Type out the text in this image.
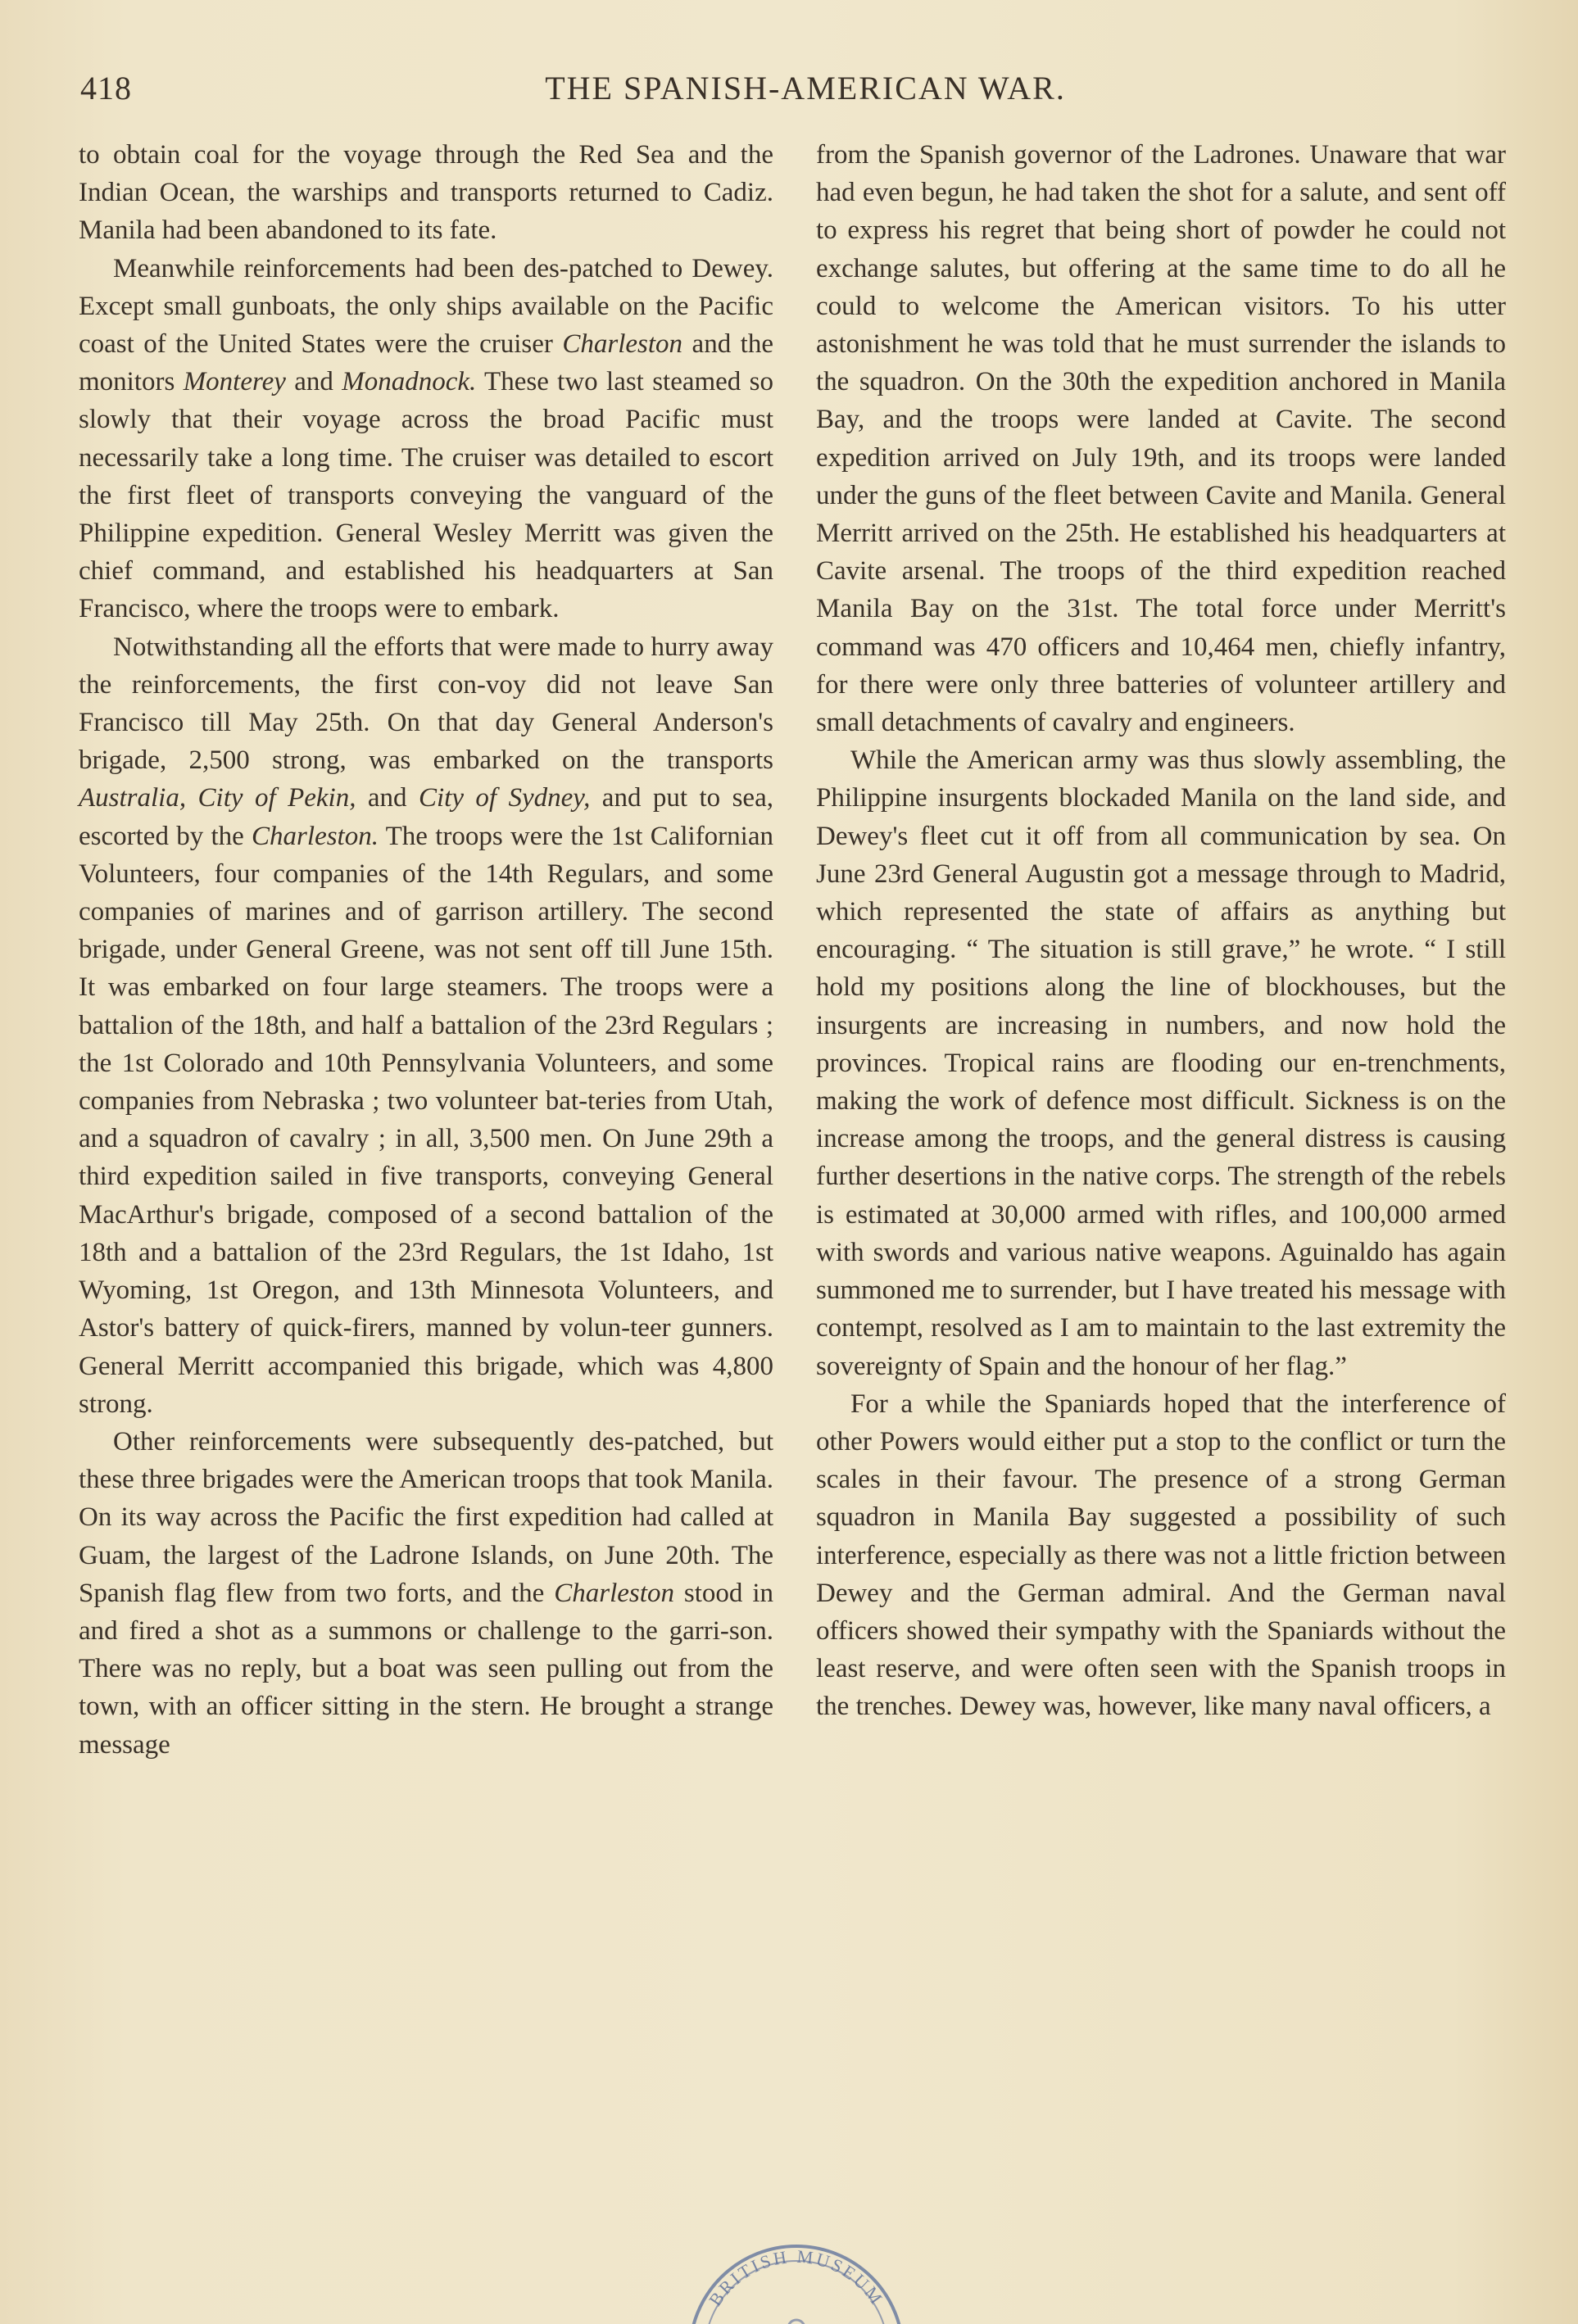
418	THE SPANISH-AMERICAN WAR.

to obtain coal for the voyage through the Red Sea and the Indian Ocean, the warships and transports returned to Cadiz. Manila had been abandoned to its fate.

Meanwhile reinforcements had been des-patched to Dewey. Except small gunboats, the only ships available on the Pacific coast of the United States were the cruiser Charleston and the monitors Monterey and Monadnock. These two last steamed so slowly that their voyage across the broad Pacific must necessarily take a long time. The cruiser was detailed to escort the first fleet of transports conveying the vanguard of the Philippine expedition. General Wesley Merritt was given the chief command, and established his headquarters at San Francisco, where the troops were to embark.

Notwithstanding all the efforts that were made to hurry away the reinforcements, the first con-voy did not leave San Francisco till May 25th. On that day General Anderson's brigade, 2,500 strong, was embarked on the transports Australia, City of Pekin, and City of Sydney, and put to sea, escorted by the Charleston. The troops were the 1st Californian Volunteers, four companies of the 14th Regulars, and some companies of marines and of garrison artillery. The second brigade, under General Greene, was not sent off till June 15th. It was embarked on four large steamers. The troops were a battalion of the 18th, and half a battalion of the 23rd Regulars ; the 1st Colorado and 10th Pennsylvania Volunteers, and some companies from Nebraska ; two volunteer bat-teries from Utah, and a squadron of cavalry ; in all, 3,500 men. On June 29th a third expedition sailed in five transports, conveying General MacArthur's brigade, composed of a second battalion of the 18th and a battalion of the 23rd Regulars, the 1st Idaho, 1st Wyoming, 1st Oregon, and 13th Minnesota Volunteers, and Astor's battery of quick-firers, manned by volun-teer gunners. General Merritt accompanied this brigade, which was 4,800 strong.

Other reinforcements were subsequently des-patched, but these three brigades were the American troops that took Manila. On its way across the Pacific the first expedition had called at Guam, the largest of the Ladrone Islands, on June 20th. The Spanish flag flew from two forts, and the Charleston stood in and fired a shot as a summons or challenge to the garri-son. There was no reply, but a boat was seen pulling out from the town, with an officer sitting in the stern. He brought a strange message

from the Spanish governor of the Ladrones. Unaware that war had even begun, he had taken the shot for a salute, and sent off to express his regret that being short of powder he could not exchange salutes, but offering at the same time to do all he could to welcome the American visitors. To his utter astonishment he was told that he must surrender the islands to the squadron. On the 30th the expedition anchored in Manila Bay, and the troops were landed at Cavite. The second expedition arrived on July 19th, and its troops were landed under the guns of the fleet between Cavite and Manila. General Merritt arrived on the 25th. He established his headquarters at Cavite arsenal. The troops of the third expedition reached Manila Bay on the 31st. The total force under Merritt's command was 470 officers and 10,464 men, chiefly infantry, for there were only three batteries of volunteer artillery and small detachments of cavalry and engineers.

While the American army was thus slowly assembling, the Philippine insurgents blockaded Manila on the land side, and Dewey's fleet cut it off from all communication by sea. On June 23rd General Augustin got a message through to Madrid, which represented the state of affairs as anything but encouraging. “ The situation is still grave,” he wrote. “ I still hold my positions along the line of blockhouses, but the insurgents are increasing in numbers, and now hold the provinces. Tropical rains are flooding our en-trenchments, making the work of defence most difficult. Sickness is on the increase among the troops, and the general distress is causing further desertions in the native corps. The strength of the rebels is estimated at 30,000 armed with rifles, and 100,000 armed with swords and various native weapons. Aguinaldo has again summoned me to surrender, but I have treated his message with contempt, resolved as I am to maintain to the last extremity the sovereignty of Spain and the honour of her flag.”

For a while the Spaniards hoped that the interference of other Powers would either put a stop to the conflict or turn the scales in their favour. The presence of a strong German squadron in Manila Bay suggested a possibility of such interference, especially as there was not a little friction between Dewey and the German admiral. And the German naval officers showed their sympathy with the Spaniards without the least reserve, and were often seen with the Spanish troops in the trenches. Dewey was, however, like many naval officers, a

BRITISH MUSEUM
